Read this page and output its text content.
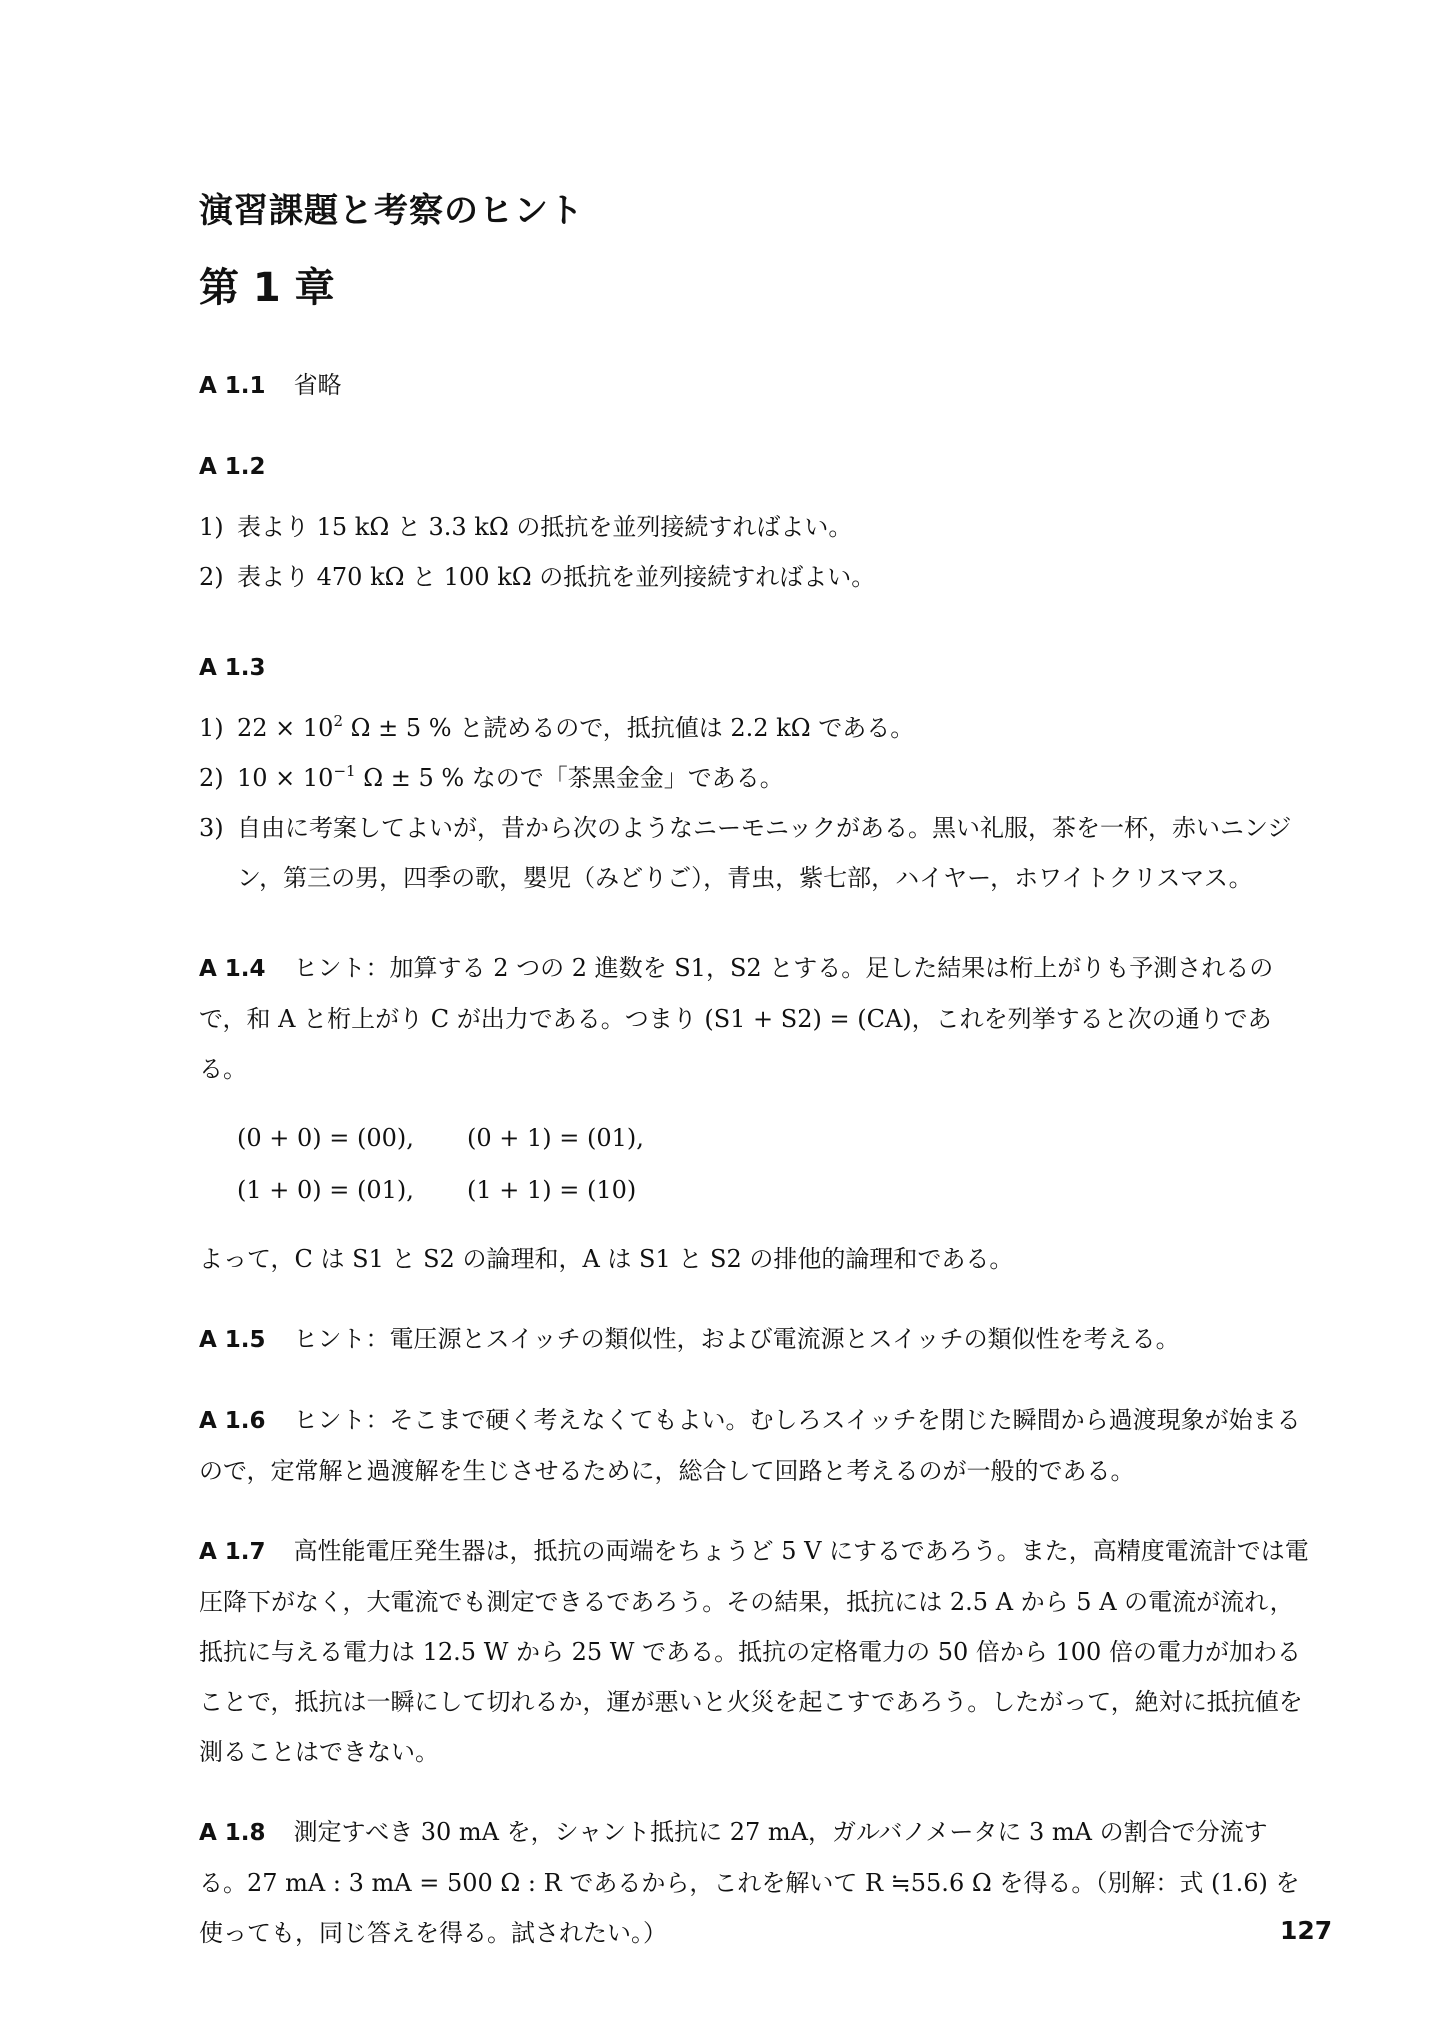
演習課題と考察のヒント
第 1 章

A 1.1 省略

A 1.2

1) 表より 15 kΩ と 3.3 kΩ の抵抗を並列接続すればよい。
2) 表より 470 kΩ と 100 kΩ の抵抗を並列接続すればよい。

A 1.3

1) $22 \times 10^2$ Ω ± 5 % と読めるので，抵抗値は 2.2 kΩ である。
2) $10 \times 10^{-1}$ Ω ± 5 % なので「茶黒金金」である。
3) 自由に考案してよいが，昔から次のようなニーモニックがある。黒い礼服，茶を一杯，赤いニンジン，第三の男，四季の歌，嬰児（みどりご），青虫，紫七部，ハイヤー，ホワイトクリスマス。

A 1.4 ヒント：加算する 2 つの 2 進数を S1，S2 とする。足した結果は桁上がりも予測されるので，和 A と桁上がり C が出力である。つまり (S1 + S2) = (CA)，これを列挙すると次の通りである。

(0 + 0) = (00), (0 + 1) = (01),
(1 + 0) = (01), (1 + 1) = (10)

よって，C は S1 と S2 の論理和，A は S1 と S2 の排他的論理和である。

A 1.5 ヒント：電圧源とスイッチの類似性，および電流源とスイッチの類似性を考える。

A 1.6 ヒント：そこまで硬く考えなくてもよい。むしろスイッチを閉じた瞬間から過渡現象が始まるので，定常解と過渡解を生じさせるために，総合して回路と考えるのが一般的である。

A 1.7 高性能電圧発生器は，抵抗の両端をちょうど 5 V にするであろう。また，高精度電流計では電圧降下がなく，大電流でも測定できるであろう。その結果，抵抗には 2.5 A から 5 A の電流が流れ，抵抗に与える電力は 12.5 W から 25 W である。抵抗の定格電力の 50 倍から 100 倍の電力が加わることで，抵抗は一瞬にして切れるか，運が悪いと火災を起こすであろう。したがって，絶対に抵抗値を測ることはできない。

A 1.8 測定すべき 30 mA を，シャント抵抗に 27 mA，ガルバノメータに 3 mA の割合で分流する。27 mA : 3 mA = 500 Ω : R であるから，これを解いて R ≒55.6 Ω を得る。（別解：式 (1.6) を使っても，同じ答えを得る。試されたい。）	127
